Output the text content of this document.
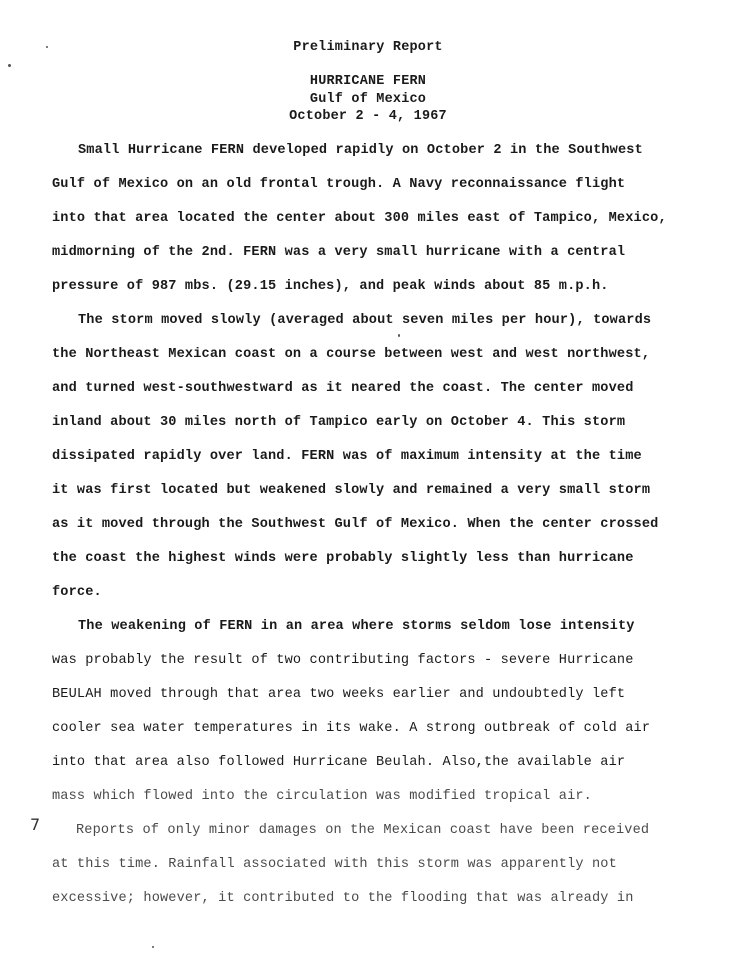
Preliminary Report
HURRICANE FERN
Gulf of Mexico
October 2 - 4, 1967
Small Hurricane FERN developed rapidly on October 2 in the Southwest
Gulf of Mexico on an old frontal trough. A Navy reconnaissance flight
into that area located the center about 300 miles east of Tampico, Mexico,
midmorning of the 2nd. FERN was a very small hurricane with a central
pressure of 987 mbs. (29.15 inches), and peak winds about 85 m.p.h.
The storm moved slowly (averaged about seven miles per hour), towards
the Northeast Mexican coast on a course between west and west northwest,
and turned west-southwestward as it neared the coast. The center moved
inland about 30 miles north of Tampico early on October 4. This storm
dissipated rapidly over land. FERN was of maximum intensity at the time
it was first located but weakened slowly and remained a very small storm
as it moved through the Southwest Gulf of Mexico. When the center crossed
the coast the highest winds were probably slightly less than hurricane
force.
The weakening of FERN in an area where storms seldom lose intensity
was probably the result of two contributing factors - severe Hurricane
BEULAH moved through that area two weeks earlier and undoubtedly left
cooler sea water temperatures in its wake. A strong outbreak of cold air
into that area also followed Hurricane Beulah. Also,the available air
mass which flowed into the circulation was modified tropical air.
7	Reports of only minor damages on the Mexican coast have been received
at this time. Rainfall associated with this storm was apparently not
excessive; however, it contributed to the flooding that was already in
